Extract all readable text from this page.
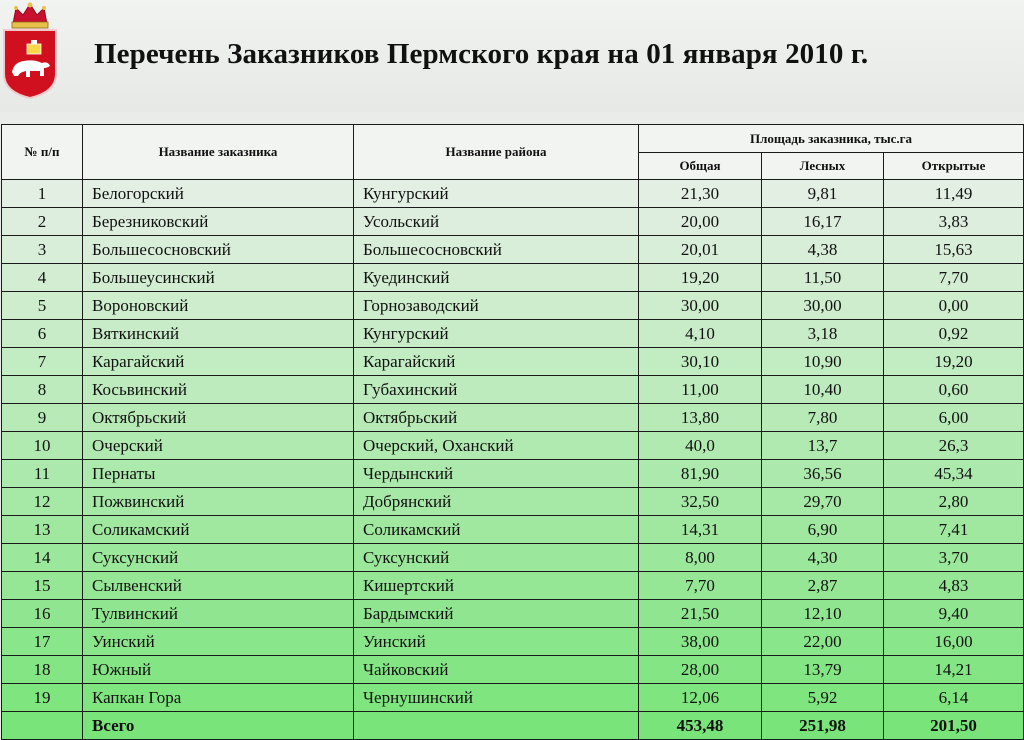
Перечень Заказников Пермского края на 01 января 2010 г.
№ п/п	Название заказника	Название района	Площадь заказника, тыс.га		
			Общая	Лесных	Открытые
1	Белогорский	Кунгурский	21,30	9,81	11,49
2	Березниковский	Усольский	20,00	16,17	3,83
3	Большесосновский	Большесосновский	20,01	4,38	15,63
4	Большеусинский	Куединский	19,20	11,50	7,70
5	Вороновский	Горнозаводский	30,00	30,00	0,00
6	Вяткинский	Кунгурский	4,10	3,18	0,92
7	Карагайский	Карагайский	30,10	10,90	19,20
8	Косьвинский	Губахинский	11,00	10,40	0,60
9	Октябрьский	Октябрьский	13,80	7,80	6,00
10	Очерский	Очерский, Оханский	40,0	13,7	26,3
11	Пернаты	Чердынский	81,90	36,56	45,34
12	Пожвинский	Добрянский	32,50	29,70	2,80
13	Соликамский	Соликамский	14,31	6,90	7,41
14	Суксунский	Суксунский	8,00	4,30	3,70
15	Сылвенский	Кишертский	7,70	2,87	4,83
16	Тулвинский	Бардымский	21,50	12,10	9,40
17	Уинский	Уинский	38,00	22,00	16,00
18	Южный	Чайковский	28,00	13,79	14,21
19	Капкан Гора	Чернушинский	12,06	5,92	6,14
	Всего		453,48	251,98	201,50
